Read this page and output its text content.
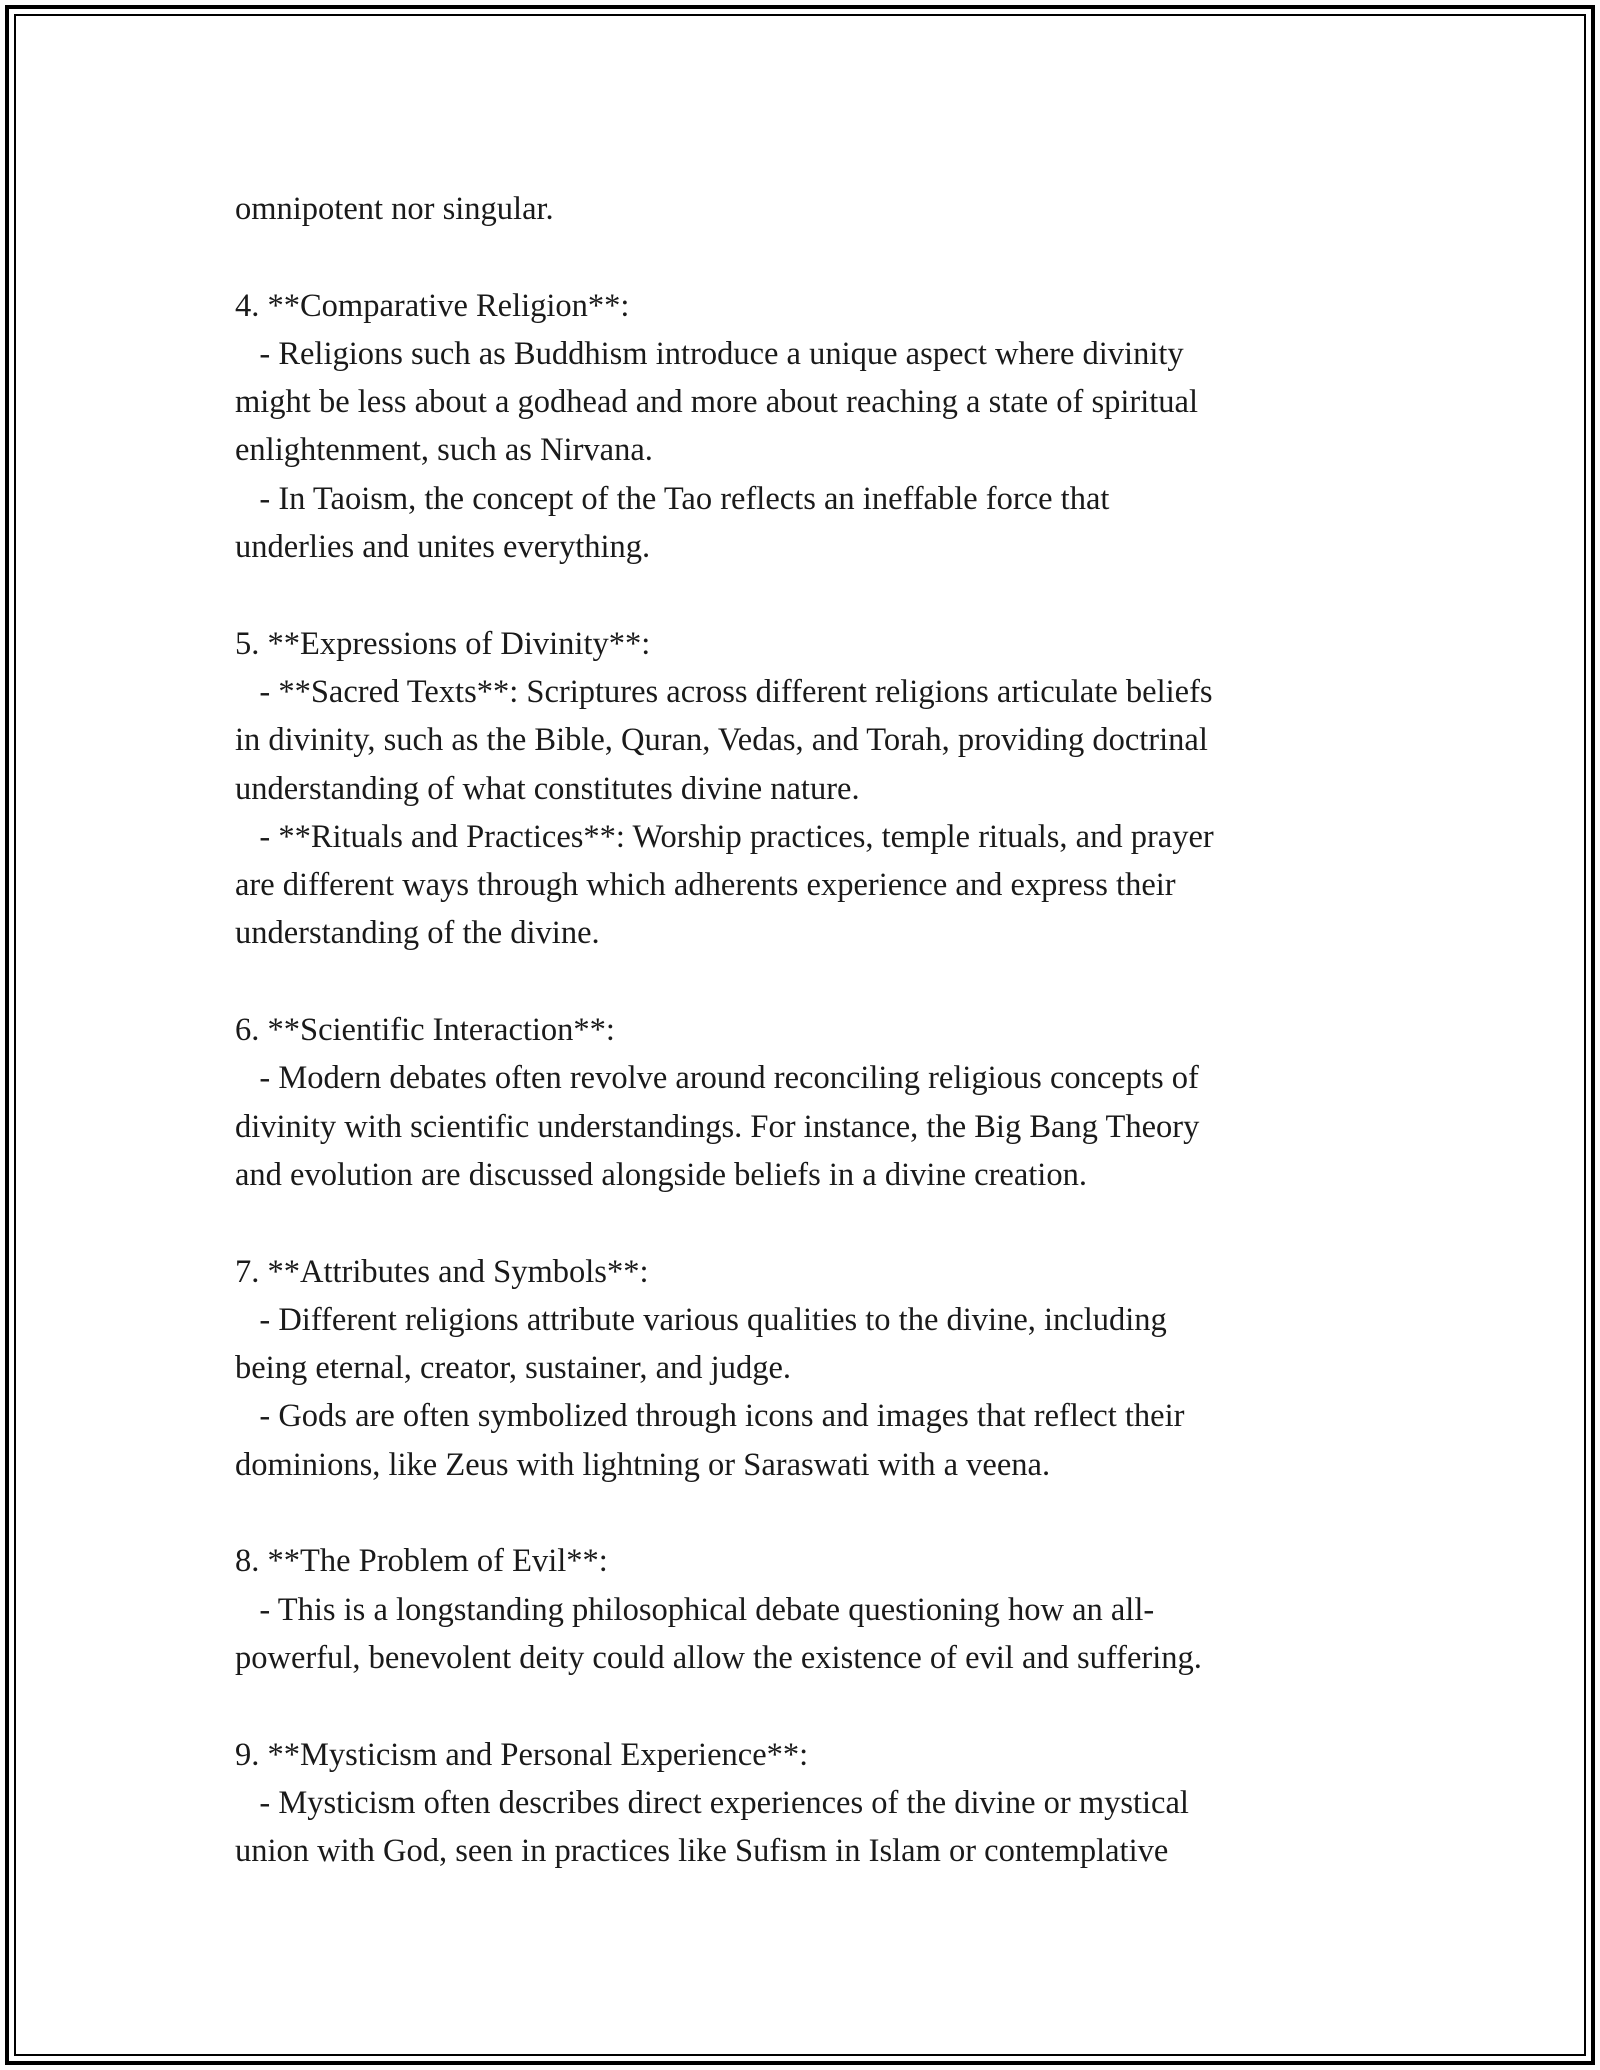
omnipotent nor singular.
4. **Comparative Religion**:
- Religions such as Buddhism introduce a unique aspect where divinity
might be less about a godhead and more about reaching a state of spiritual
enlightenment, such as Nirvana.
- In Taoism, the concept of the Tao reflects an ineffable force that
underlies and unites everything.
5. **Expressions of Divinity**:
- **Sacred Texts**: Scriptures across different religions articulate beliefs
in divinity, such as the Bible, Quran, Vedas, and Torah, providing doctrinal
understanding of what constitutes divine nature.
- **Rituals and Practices**: Worship practices, temple rituals, and prayer
are different ways through which adherents experience and express their
understanding of the divine.
6. **Scientific Interaction**:
- Modern debates often revolve around reconciling religious concepts of
divinity with scientific understandings. For instance, the Big Bang Theory
and evolution are discussed alongside beliefs in a divine creation.
7. **Attributes and Symbols**:
- Different religions attribute various qualities to the divine, including
being eternal, creator, sustainer, and judge.
- Gods are often symbolized through icons and images that reflect their
dominions, like Zeus with lightning or Saraswati with a veena.
8. **The Problem of Evil**:
- This is a longstanding philosophical debate questioning how an all-
powerful, benevolent deity could allow the existence of evil and suffering.
9. **Mysticism and Personal Experience**:
- Mysticism often describes direct experiences of the divine or mystical
union with God, seen in practices like Sufism in Islam or contemplative
